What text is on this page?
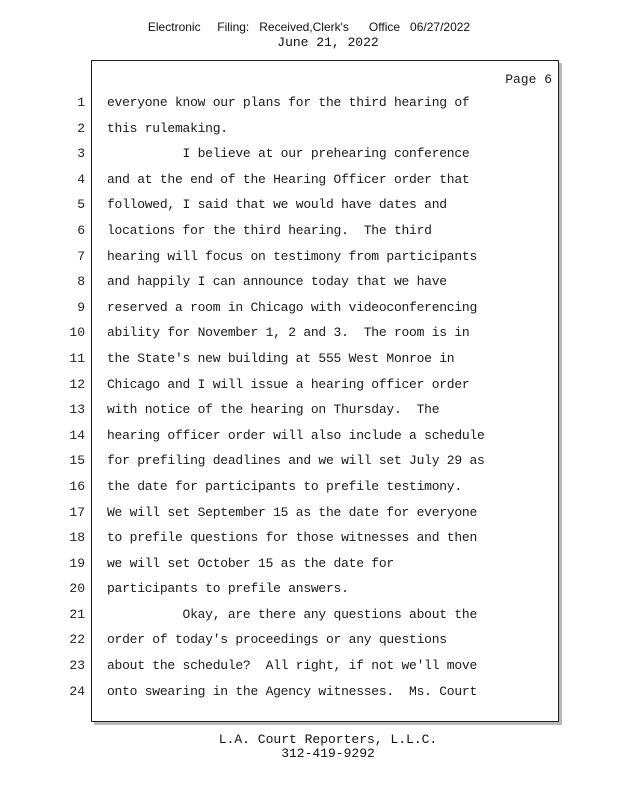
Electronic     Filing:   Received,Clerk's      Office   06/27/2022
June 21, 2022
Page 6
1
2
3
4
5
6
7
8
9
10
11
12
13
14
15
16
17
18
19
20
21
22
23
24
everyone know our plans for the third hearing of
this rulemaking.
I believe at our prehearing conference
and at the end of the Hearing Officer order that
followed, I said that we would have dates and
locations for the third hearing.  The third
hearing will focus on testimony from participants
and happily I can announce today that we have
reserved a room in Chicago with videoconferencing
ability for November 1, 2 and 3.  The room is in
the State's new building at 555 West Monroe in
Chicago and I will issue a hearing officer order
with notice of the hearing on Thursday.  The
hearing officer order will also include a schedule
for prefiling deadlines and we will set July 29 as
the date for participants to prefile testimony.
We will set September 15 as the date for everyone
to prefile questions for those witnesses and then
we will set October 15 as the date for
participants to prefile answers.
Okay, are there any questions about the
order of today's proceedings or any questions
about the schedule?  All right, if not we'll move
onto swearing in the Agency witnesses.  Ms. Court
L.A. Court Reporters, L.L.C.
312-419-9292
